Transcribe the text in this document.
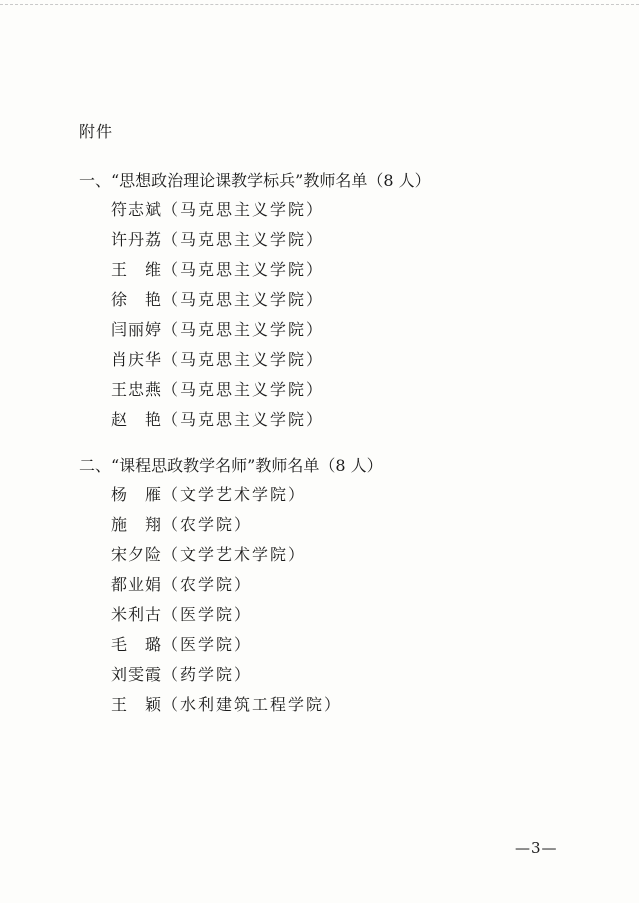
附件
一、“思想政治理论课教学标兵”教师名单（8 人）
符志斌（马克思主义学院）
许丹荔（马克思主义学院）
王　维（马克思主义学院）
徐　艳（马克思主义学院）
闫丽婷（马克思主义学院）
肖庆华（马克思主义学院）
王忠燕（马克思主义学院）
赵　艳（马克思主义学院）
二、“课程思政教学名师”教师名单（8 人）
杨　雁（文学艺术学院）
施　翔（农学院）
宋夕险（文学艺术学院）
都业娟（农学院）
米利古（医学院）
毛　璐（医学院）
刘雯霞（药学院）
王　颖（水利建筑工程学院）
—3—
